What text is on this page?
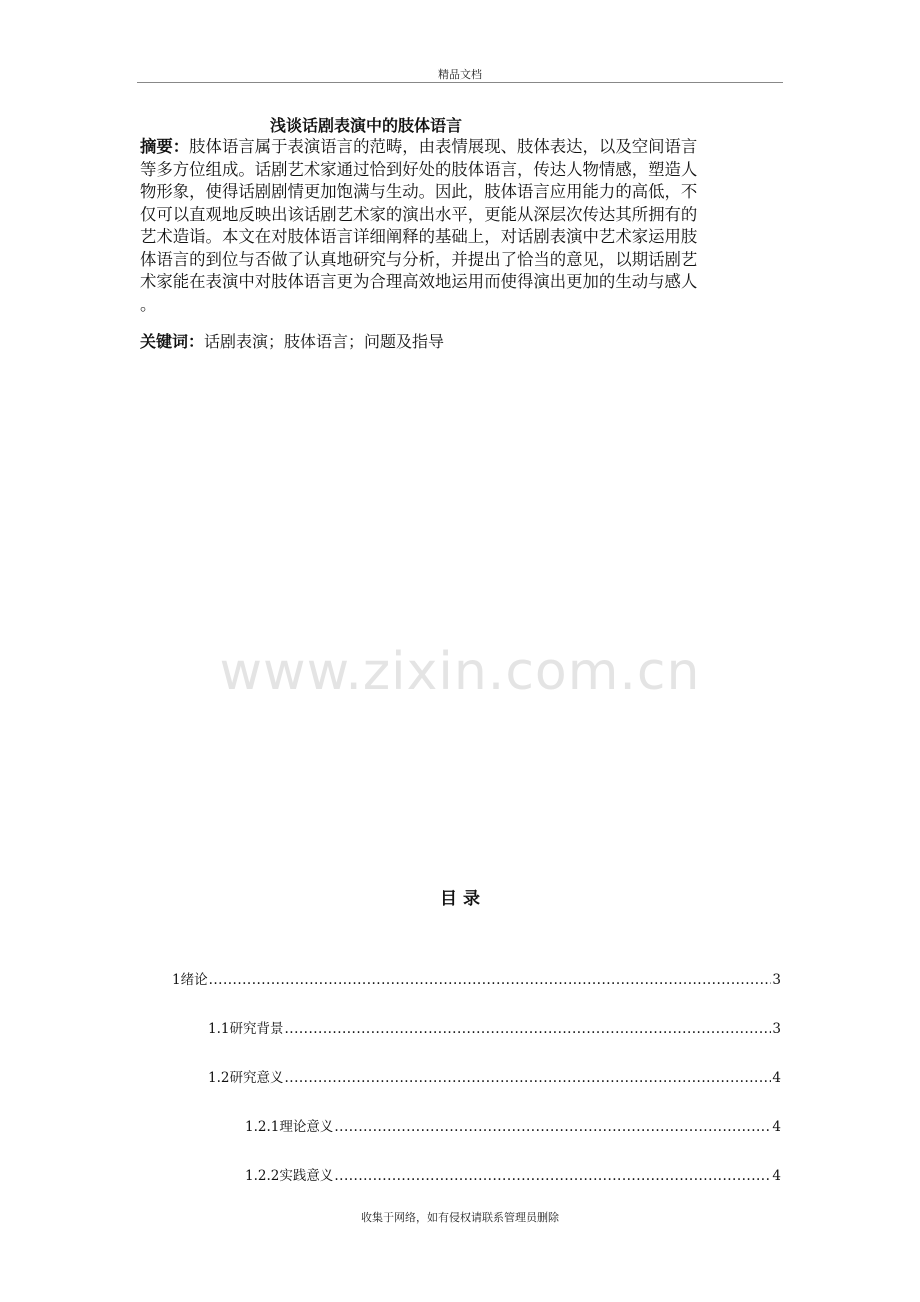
精品文档
浅谈话剧表演中的肢体语言
摘要：肢体语言属于表演语言的范畴，由表情展现、肢体表达，以及空间语言
等多方位组成。话剧艺术家通过恰到好处的肢体语言，传达人物情感，塑造人
物形象，使得话剧剧情更加饱满与生动。因此，肢体语言应用能力的高低，不
仅可以直观地反映出该话剧艺术家的演出水平，更能从深层次传达其所拥有的
艺术造诣。本文在对肢体语言详细阐释的基础上，对话剧表演中艺术家运用肢
体语言的到位与否做了认真地研究与分析，并提出了恰当的意见，以期话剧艺
术家能在表演中对肢体语言更为合理高效地运用而使得演出更加的生动与感人
。
关键词：话剧表演；肢体语言；问题及指导
www.zixin.com.cn
目 录
1绪论 .....	3
1.1研究背景 .....	3
1.2研究意义 .....	4
1.2.1理论意义 .....	4
1.2.2实践意义 .....	4
收集于网络，如有侵权请联系管理员删除
